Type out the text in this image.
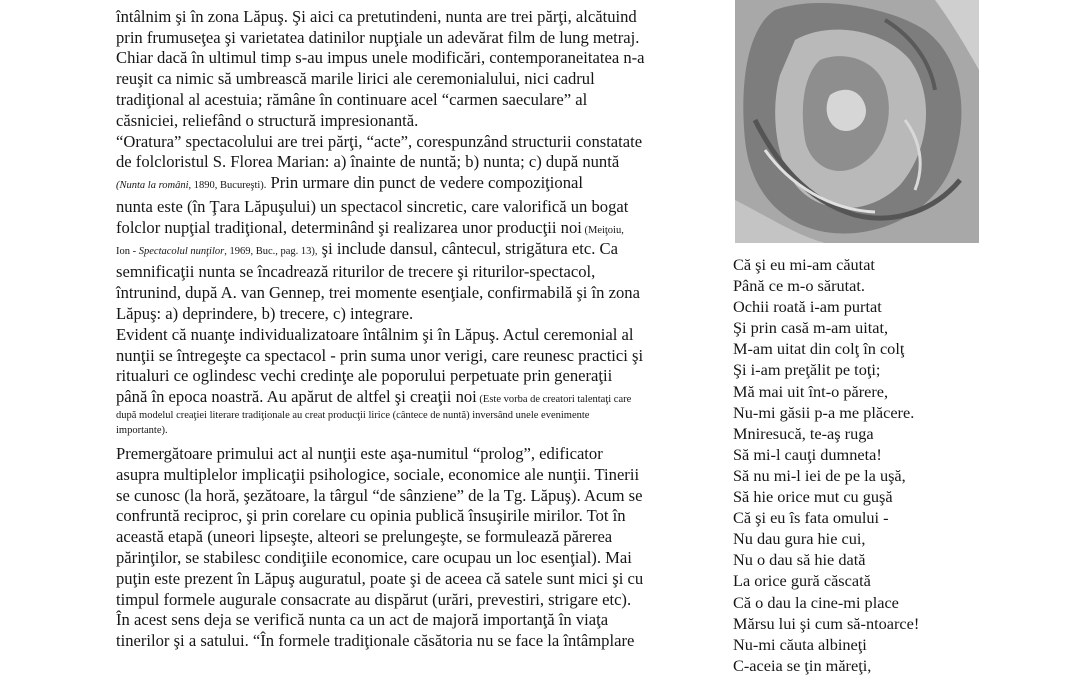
întâlnim şi în zona Lăpuş. Şi aici ca pretutindeni, nunta are trei părţi, alcătuind
prin frumuseţea şi varietatea datinilor nupţiale un adevărat film de lung metraj.
Chiar dacă în ultimul timp s-au impus unele modificări, contemporaneitatea n-a
reuşit ca nimic să umbrească marile lirici ale ceremonialului, nici cadrul
tradiţional al acestuia; rămâne în continuare acel “carmen saeculare” al
căsniciei, reliefând o structură impresionantă.

“Oratura” spectacolului are trei părţi, “acte”, corespunzând structurii constatate
de folcloristul S. Florea Marian: a) înainte de nuntă; b) nunta; c) după nuntă
(Nunta la români, 1890, Bucureşti). Prin urmare din punct de vedere compoziţional
nunta este (în Ţara Lăpuşului) un spectacol sincretic, care valorifică un bogat
folclor nupţial tradiţional, determinând şi realizarea unor producţii noi (Meiţoiu,
Ion - Spectacolul nunţilor, 1969, Buc., pag. 13), şi include dansul, cântecul, strigătura etc. Ca
semnificaţii nunta se încadrează riturilor de trecere şi riturilor-spectacol,
întrunind, după A. van Gennep, trei momente esenţiale, confirmabilă şi în zona
Lăpuş: a) deprindere, b) trecere, c) integrare.

Evident că nuanţe individualizatoare întâlnim şi în Lăpuş. Actul ceremonial al
nunţii se întregeşte ca spectacol - prin suma unor verigi, care reunesc practici şi
ritualuri ce oglindesc vechi credinţe ale poporului perpetuate prin generaţii
până în epoca noastră. Au apărut de altfel şi creaţii noi (Este vorba de creatori talentaţi care
după modelul creaţiei literare tradiţionale au creat producţii lirice (cântece de nuntă) inversând unele evenimente
importante).

Premergătoare primului act al nunţii este aşa-numitul “prolog”, edificator
asupra multiplelor implicaţii psihologice, sociale, economice ale nunţii. Tinerii
se cunosc (la horă, şezătoare, la târgul “de sânziene” de la Tg. Lăpuş). Acum se
confruntă reciproc, şi prin corelare cu opinia publică însuşirile mirilor. Tot în
această etapă (uneori lipseşte, alteori se prelungeşte, se formulează părerea
părinţilor, se stabilesc condiţiile economice, care ocupau un loc esenţial). Mai
puţin este prezent în Lăpuş auguratul, poate şi de aceea că satele sunt mici şi cu
timpul formele augurale consacrate au dispărut (urări, prevestiri, strigare etc).
În acest sens deja se verifică nunta ca un act de majoră importanţă în viaţa
tinerilor şi a satului. “În formele tradiţionale căsătoria nu se face la întâmplare

Că şi eu mi-am căutat
Până ce m-o sărutat.
Ochii roată i-am purtat
Şi prin casă m-am uitat,
M-am uitat din colţ în colţ
Şi i-am preţălit pe toţi;
Mă mai uit înt-o părere,
Nu-mi găsii p-a me plăcere.
Mniresucă, te-aş ruga
Să mi-l cauţi dumneta!
Să nu mi-l iei de pe la uşă,
Să hie orice mut cu guşă
Că şi eu îs fata omului -
Nu dau gura hie cui,
Nu o dau să hie dată
La orice gură căscată
Că o dau la cine-mi place
Mărsu lui şi cum să-ntoarce!
Nu-mi căuta albineţi
C-aceia se ţin măreţi,
